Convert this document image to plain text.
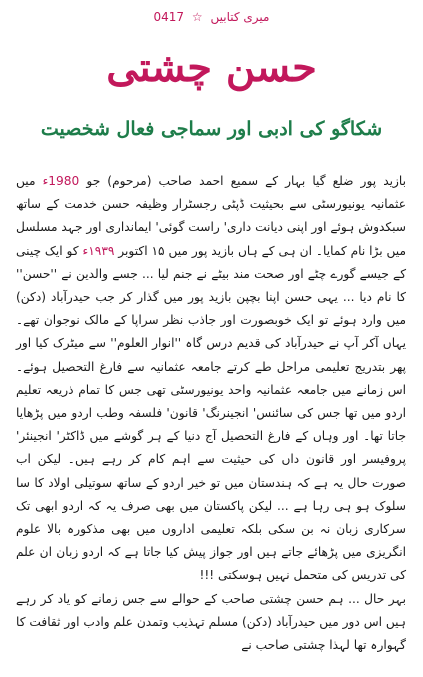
میری کتابیں ☆ 0417
حسن چشتی
شکاگو کی ادبی اور سماجی فعال شخصیت

بازید پور ضلع گیا بہار کے سمیع احمد صاحب (مرحوم) جو 1980ء میں عثمانیہ یونیورسٹی سے بحیثیت ڈپٹی رجسٹرار وظیفہ حسن خدمت کے ساتھ سبکدوش ہوئے اور اپنی دیانت داری' راست گوئی' ایمانداری اور جہد مسلسل میں بڑا نام کمایا۔ ان ہی کے ہاں بازید پور میں ۱۵ اکتوبر ۱۹۳۹ء کو ایک چینی کے جیسے گورے چٹے اور صحت مند بیٹے نے جنم لیا ... جسے والدین نے ''حسن'' کا نام دیا ... یہی حسن اپنا بچپن بازید پور میں گذار کر جب حیدرآباد (دکن) میں وارد ہوئے تو ایک خوبصورت اور جاذب نظر سراپا کے مالک نوجوان تھے۔ یہاں آکر آپ نے حیدرآباد کی قدیم درس گاہ ''انوار العلوم'' سے میٹرک کیا اور پھر بتدریج تعلیمی مراحل طے کرتے جامعہ عثمانیہ سے فارغ التحصیل ہوئے۔ اس زمانے میں جامعہ عثمانیہ واحد یونیورسٹی تھی جس کا تمام ذریعہ تعلیم اردو میں تھا جس کی سائنس' انجینرنگ' قانون' فلسفہ وطب اردو میں پڑھایا جاتا تھا۔ اور وہاں کے فارغ التحصیل آج دنیا کے ہر گوشے میں ڈاکٹر' انجینئر' پروفیسر اور قانون داں کی حیثیت سے اہم کام کر رہے ہیں۔ لیکن اب صورت حال یہ ہے کہ ہندستان میں تو خیر اردو کے ساتھ سوتیلی اولاد کا سا سلوک ہو ہی رہا ہے ... لیکن پاکستان میں بھی صرف یہ کہ اردو ابھی تک سرکاری زبان نہ بن سکی بلکہ تعلیمی اداروں میں بھی مذکورہ بالا علوم انگریزی میں پڑھائے جاتے ہیں اور جواز پیش کیا جاتا ہے کہ اردو زبان ان علم کی تدریس کی متحمل نہیں ہوسکتی !!!

بہر حال ... ہم حسن چشتی صاحب کے حوالے سے جس زمانے کو یاد کر رہے ہیں اس دور میں حیدرآباد (دکن) مسلم تہذیب وتمدن علم وادب اور ثقافت کا گہوارہ تھا لہذا چشتی صاحب نے
